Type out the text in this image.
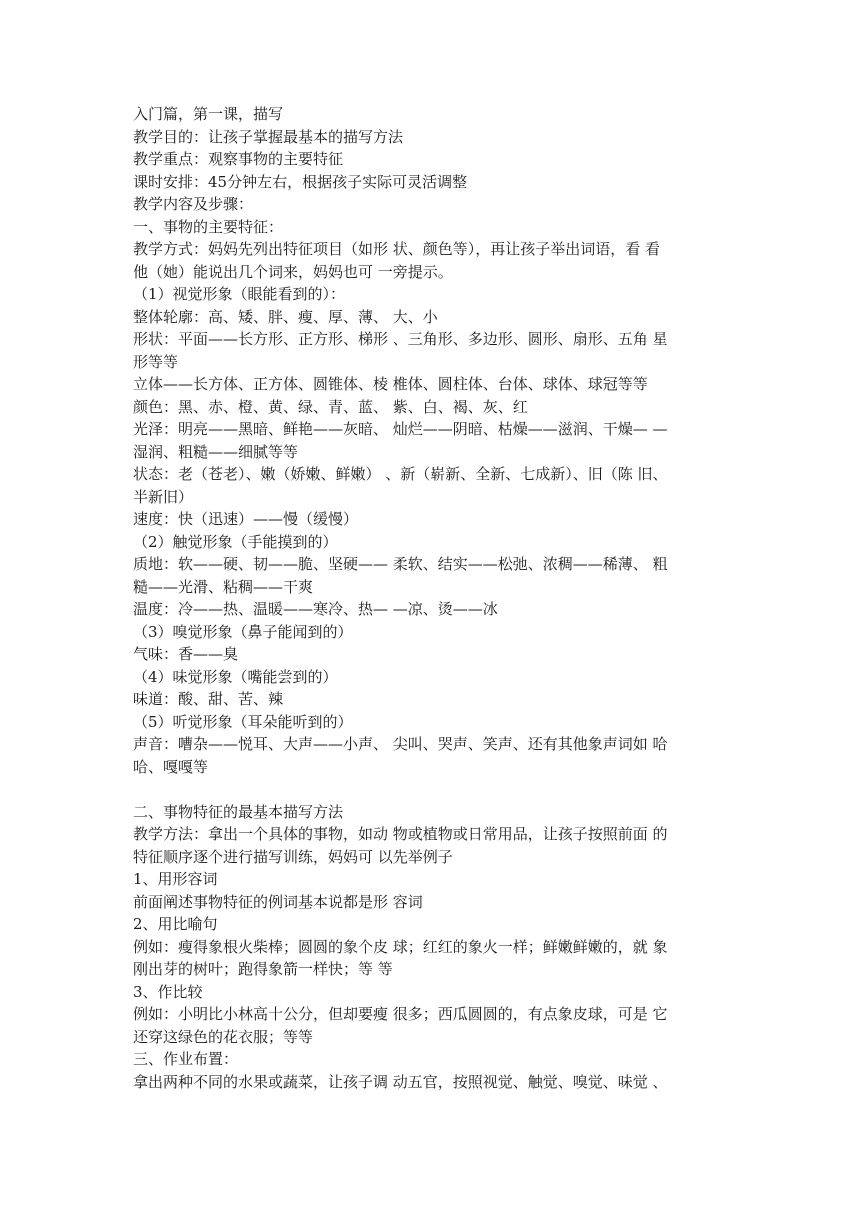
入门篇，第一课，描写

教学目的：让孩子掌握最基本的描写方法

教学重点：观察事物的主要特征

课时安排：45分钟左右，根据孩子实际可灵活调整

教学内容及步骤：

一、事物的主要特征：

教学方式：妈妈先列出特征项目（如形 状、颜色等），再让孩子举出词语，看 看

他（她）能说出几个词来，妈妈也可 一旁提示。

（1）视觉形象（眼能看到的）：

整体轮廓：高、矮、胖、瘦、厚、薄、 大、小

形状：平面——长方形、正方形、梯形 、三角形、多边形、圆形、扇形、五角 星

形等等

立体——长方体、正方体、圆锥体、棱 椎体、圆柱体、台体、球体、球冠等等

颜色：黑、赤、橙、黄、绿、青、蓝、 紫、白、褐、灰、红

光泽：明亮——黑暗、鲜艳——灰暗、 灿烂——阴暗、枯燥——滋润、干燥— —

湿润、粗糙——细腻等等

状态：老（苍老）、嫩（娇嫩、鲜嫩） 、新（崭新、全新、七成新）、旧（陈 旧、

半新旧）

速度：快（迅速）——慢（缓慢）

（2）触觉形象（手能摸到的）

质地：软——硬、韧——脆、坚硬—— 柔软、结实——松弛、浓稠——稀薄、 粗

糙——光滑、粘稠——干爽

温度：冷——热、温暖——寒冷、热— —凉、烫——冰

（3）嗅觉形象（鼻子能闻到的）

气味：香——臭

（4）味觉形象（嘴能尝到的）

味道：酸、甜、苦、辣

（5）听觉形象（耳朵能听到的）

声音：嘈杂——悦耳、大声——小声、 尖叫、哭声、笑声、还有其他象声词如 哈

哈、嘎嘎等

二、事物特征的最基本描写方法

教学方法：拿出一个具体的事物，如动 物或植物或日常用品，让孩子按照前面 的

特征顺序逐个进行描写训练，妈妈可 以先举例子

1、用形容词

前面阐述事物特征的例词基本说都是形 容词

2、用比喻句

例如：瘦得象根火柴棒；圆圆的象个皮 球；红红的象火一样；鲜嫩鲜嫩的，就 象

刚出芽的树叶；跑得象箭一样快；等 等

3、作比较

例如：小明比小林高十公分，但却要瘦 很多；西瓜圆圆的，有点象皮球，可是 它

还穿这绿色的花衣服；等等

三、作业布置：

拿出两种不同的水果或蔬菜，让孩子调 动五官，按照视觉、触觉、嗅觉、味觉 、
